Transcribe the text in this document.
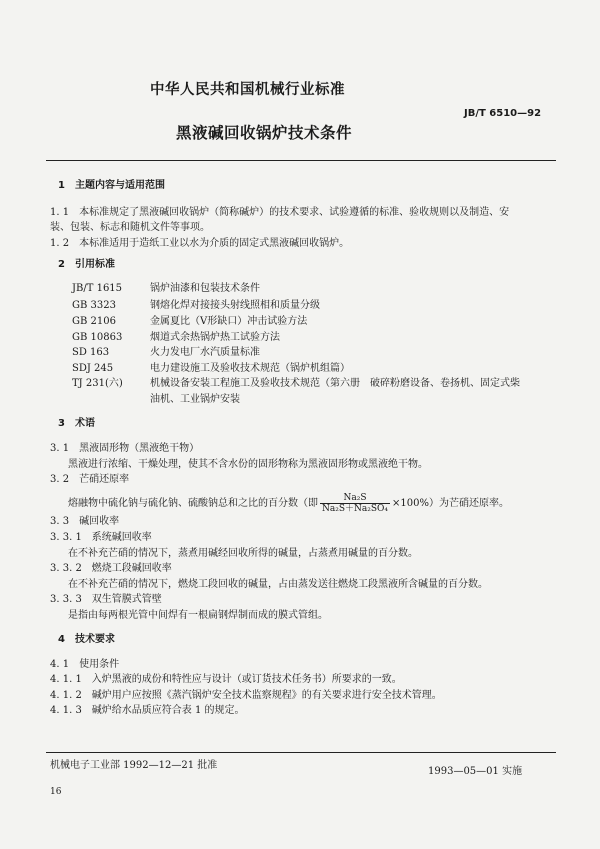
中华人民共和国机械行业标准
JB/T 6510—92
黑液碱回收锅炉技术条件
1　主题内容与适用范围
1. 1　本标准规定了黑液碱回收锅炉（简称碱炉）的技术要求、试验遵循的标准、验收规则以及制造、安
装、包装、标志和随机文件等事项。
1. 2　本标准适用于造纸工业以水为介质的固定式黑液碱回收锅炉。
2　引用标准
JB/T 1615	锅炉油漆和包装技术条件
GB 3323	钢熔化焊对接接头射线照相和质量分级
GB 2106	金属夏比（V形缺口）冲击试验方法
GB 10863	烟道式余热锅炉热工试验方法
SD 163	火力发电厂水汽质量标准
SDJ 245	电力建设施工及验收技术规范（锅炉机组篇）
TJ 231(六)	机械设备安装工程施工及验收技术规范（第六册　破碎粉磨设备、卷扬机、固定式柴
油机、工业锅炉安装
3　术语
3. 1　黑液固形物（黑液绝干物）
黑液进行浓缩、干燥处理，使其不含水份的固形物称为黑液固形物或黑液绝干物。
3. 2　芒硝还原率
熔融物中硫化钠与硫化钠、硫酸钠总和之比的百分数（即 $\frac{\text{Na₂S}}{\text{Na₂S＋Na₂SO₄}} \times 100\%$）为芒硝还原率。
3. 3　碱回收率
3. 3. 1　系统碱回收率
在不补充芒硝的情况下，蒸煮用碱经回收所得的碱量，占蒸煮用碱量的百分数。
3. 3. 2　燃烧工段碱回收率
在不补充芒硝的情况下，燃烧工段回收的碱量，占由蒸发送往燃烧工段黑液所含碱量的百分数。
3. 3. 3　双生管膜式管壁
是指由每两根光管中间焊有一根扁钢焊制而成的膜式管组。
4　技术要求
4. 1　使用条件
4. 1. 1　入炉黑液的成份和特性应与设计（或订货技术任务书）所要求的一致。
4. 1. 2　碱炉用户应按照《蒸汽锅炉安全技术监察规程》的有关要求进行安全技术管理。
4. 1. 3　碱炉给水品质应符合表 1 的规定。
机械电子工业部 1992—12—21 批准
1993—05—01 实施
16
